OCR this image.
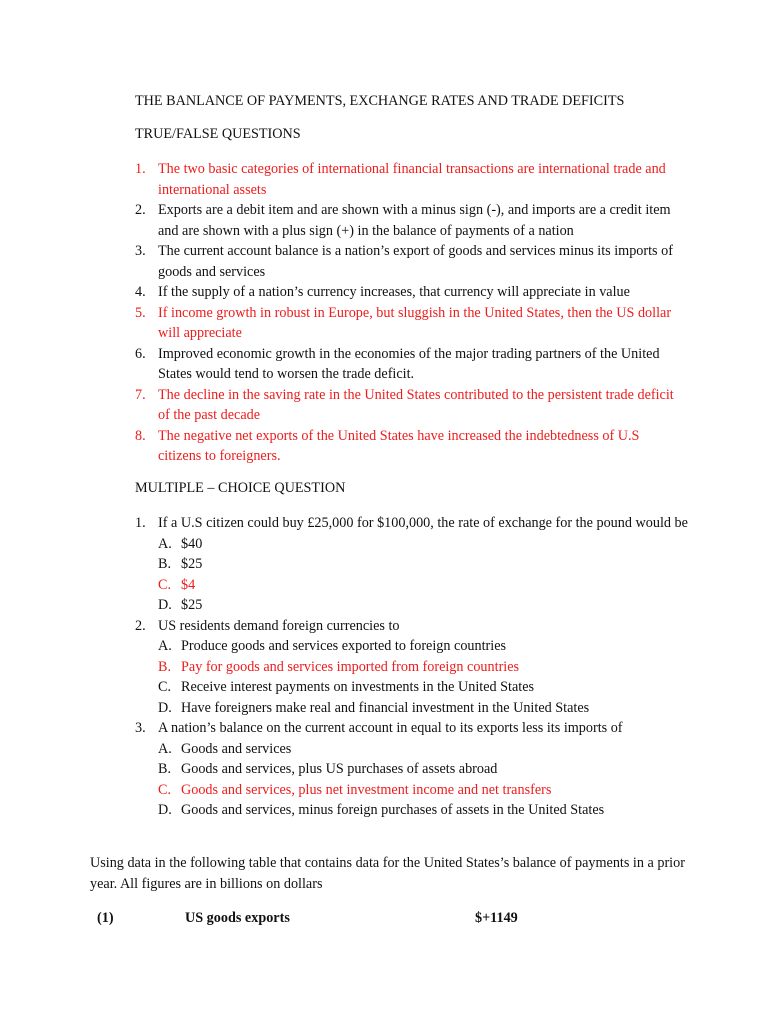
THE BANLANCE OF PAYMENTS, EXCHANGE RATES AND TRADE DEFICITS

TRUE/FALSE QUESTIONS

1. The two basic categories of international financial transactions are international trade and international assets
2. Exports are a debit item and are shown with a minus sign (-), and imports are a credit item and are shown with a plus sign (+) in the balance of payments of a nation
3. The current account balance is a nation’s export of goods and services minus its imports of goods and services
4. If the supply of a nation’s currency increases, that currency will appreciate in value
5. If income growth in robust in Europe, but sluggish in the United States, then the US dollar will appreciate
6. Improved economic growth in the economies of the major trading partners of the United States would tend to worsen the trade deficit.
7. The decline in the saving rate in the United States contributed to the persistent trade deficit of the past decade
8. The negative net exports of the United States have increased the indebtedness of U.S citizens to foreigners.

MULTIPLE – CHOICE QUESTION

1. If a U.S citizen could buy £25,000 for $100,000, the rate of exchange for the pound would be
A. $40
B. $25
C. $4
D. $25
2. US residents demand foreign currencies to
A. Produce goods and services exported to foreign countries
B. Pay for goods and services imported from foreign countries
C. Receive interest payments on investments in the United States
D. Have foreigners make real and financial investment in the United States
3. A nation’s balance on the current account in equal to its exports less its imports of
A. Goods and services
B. Goods and services, plus US purchases of assets abroad
C. Goods and services, plus net investment income and net transfers
D. Goods and services, minus foreign purchases of assets in the United States

Using data in the following table that contains data for the United States’s balance of payments in a prior year. All figures are in billions on dollars

(1)	US goods exports	$+1149
